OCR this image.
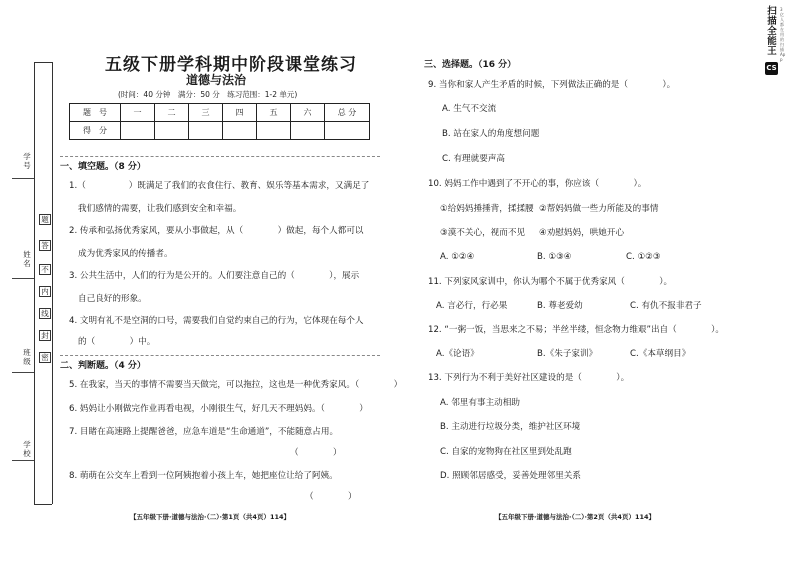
学号
姓名
班级
学校
题
答
不
内
线
封
密
五级下册学科期中阶段课堂练习
道德与法治
(时间：40 分钟　满分：50 分　练习范围：1-2 单元)
题　号	一	二	三	四	五	六	总 分
得　分							
一、填空题。（8 分）
1.（　　　　　）既满足了我们的衣食住行、教育、娱乐等基本需求，又满足了
我们感情的需要，让我们感到安全和幸福。
2. 传承和弘扬优秀家风，要从小事做起，从（　　　　）做起，每个人都可以
成为优秀家风的传播者。
3. 公共生活中，人们的行为是公开的。人们要注意自己的（　　　　），展示
自己良好的形象。
4. 文明有礼不是空洞的口号，需要我们自觉约束自己的行为，它体现在每个人
的（　　　　）中。
二、判断题。（4 分）
5. 在我家，当天的事情不需要当天做完，可以拖拉，这也是一种优秀家风。（　　　　）
6. 妈妈让小刚做完作业再看电视，小刚很生气，好几天不理妈妈。（　　　　）
7. 目睹在高速路上提醒爸爸，应急车道是“生命通道”，不能随意占用。
（　　　　）
8. 萌萌在公交车上看到一位阿姨抱着小孩上车，她把座位让给了阿姨。
（　　　　）
【五年级下册·道德与法治·（二）·第1页（共4页）114】
三、选择题。（16 分）
9. 当你和家人产生矛盾的时候，下列做法正确的是（　　　　）。
A. 生气不交流
B. 站在家人的角度想问题
C. 有理就要声高
10. 妈妈工作中遇到了不开心的事，你应该（　　　　）。
①给妈妈捶捶背，揉揉腰 ②帮妈妈做一些力所能及的事情
③漠不关心，视而不见 ④劝慰妈妈，哄她开心
A. ①②④	B. ①③④	C. ①②③
11. 下列家风家训中，你认为哪个不属于优秀家风（　　　　）。
A. 言必行，行必果	B. 尊老爱幼	C. 有仇不报非君子
12. “一粥一饭，当思来之不易；半丝半缕，恒念物力维艰”出自（　　　　）。
A.《论语》	B.《朱子家训》	C.《本草纲目》
13. 下列行为不利于美好社区建设的是（　　　　）。
A. 邻里有事主动相助
B. 主动进行垃圾分类，维护社区环境
C. 自家的宠物狗在社区里到处乱跑
D. 照顾邻居感受，妥善处理邻里关系
【五年级下册·道德与法治·（二）·第2页（共4页）114】
扫描全能王
CS
3亿人都在用的扫描App
